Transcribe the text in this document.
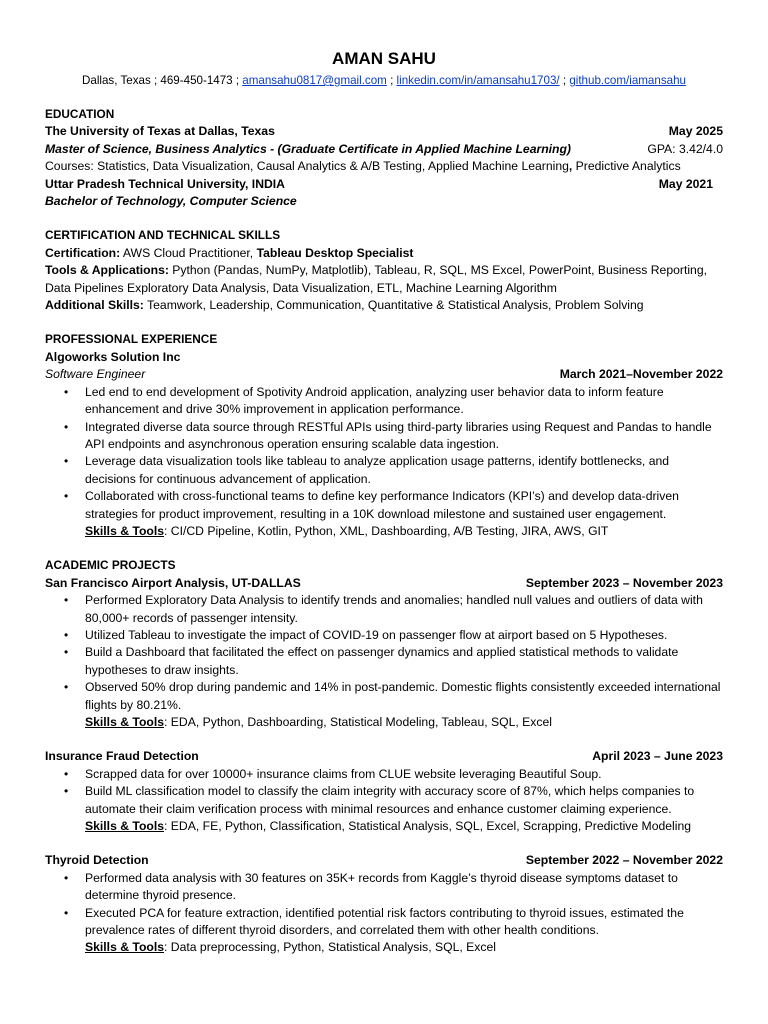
AMAN SAHU
Dallas, Texas ; 469-450-1473 ; amansahu0817@gmail.com ; linkedin.com/in/amansahu1703/ ; github.com/iamansahu
EDUCATION
The University of Texas at Dallas, Texas	May 2025
Master of Science, Business Analytics - (Graduate Certificate in Applied Machine Learning)	GPA: 3.42/4.0
Courses: Statistics, Data Visualization, Causal Analytics & A/B Testing, Applied Machine Learning, Predictive Analytics
Uttar Pradesh Technical University, INDIA	May 2021
Bachelor of Technology, Computer Science
CERTIFICATION AND TECHNICAL SKILLS
Certification: AWS Cloud Practitioner, Tableau Desktop Specialist
Tools & Applications: Python (Pandas, NumPy, Matplotlib), Tableau, R, SQL, MS Excel, PowerPoint, Business Reporting, Data Pipelines Exploratory Data Analysis, Data Visualization, ETL, Machine Learning Algorithm
Additional Skills: Teamwork, Leadership, Communication, Quantitative & Statistical Analysis, Problem Solving
PROFESSIONAL EXPERIENCE
Algoworks Solution Inc
Software Engineer	March 2021–November 2022
• Led end to end development of Spotivity Android application, analyzing user behavior data to inform feature enhancement and drive 30% improvement in application performance.
• Integrated diverse data source through RESTful APIs using third-party libraries using Request and Pandas to handle API endpoints and asynchronous operation ensuring scalable data ingestion.
• Leverage data visualization tools like tableau to analyze application usage patterns, identify bottlenecks, and decisions for continuous advancement of application.
• Collaborated with cross-functional teams to define key performance Indicators (KPI’s) and develop data-driven strategies for product improvement, resulting in a 10K download milestone and sustained user engagement.
Skills & Tools: CI/CD Pipeline, Kotlin, Python, XML, Dashboarding, A/B Testing, JIRA, AWS, GIT
ACADEMIC PROJECTS
San Francisco Airport Analysis, UT-DALLAS	September 2023 – November 2023
• Performed Exploratory Data Analysis to identify trends and anomalies; handled null values and outliers of data with 80,000+ records of passenger intensity.
• Utilized Tableau to investigate the impact of COVID-19 on passenger flow at airport based on 5 Hypotheses.
• Build a Dashboard that facilitated the effect on passenger dynamics and applied statistical methods to validate hypotheses to draw insights.
• Observed 50% drop during pandemic and 14% in post-pandemic. Domestic flights consistently exceeded international flights by 80.21%.
Skills & Tools: EDA, Python, Dashboarding, Statistical Modeling, Tableau, SQL, Excel
Insurance Fraud Detection	April 2023 – June 2023
• Scrapped data for over 10000+ insurance claims from CLUE website leveraging Beautiful Soup.
• Build ML classification model to classify the claim integrity with accuracy score of 87%, which helps companies to automate their claim verification process with minimal resources and enhance customer claiming experience.
Skills & Tools: EDA, FE, Python, Classification, Statistical Analysis, SQL, Excel, Scrapping, Predictive Modeling
Thyroid Detection	September 2022 – November 2022
• Performed data analysis with 30 features on 35K+ records from Kaggle’s thyroid disease symptoms dataset to determine thyroid presence.
• Executed PCA for feature extraction, identified potential risk factors contributing to thyroid issues, estimated the prevalence rates of different thyroid disorders, and correlated them with other health conditions.
Skills & Tools: Data preprocessing, Python, Statistical Analysis, SQL, Excel
